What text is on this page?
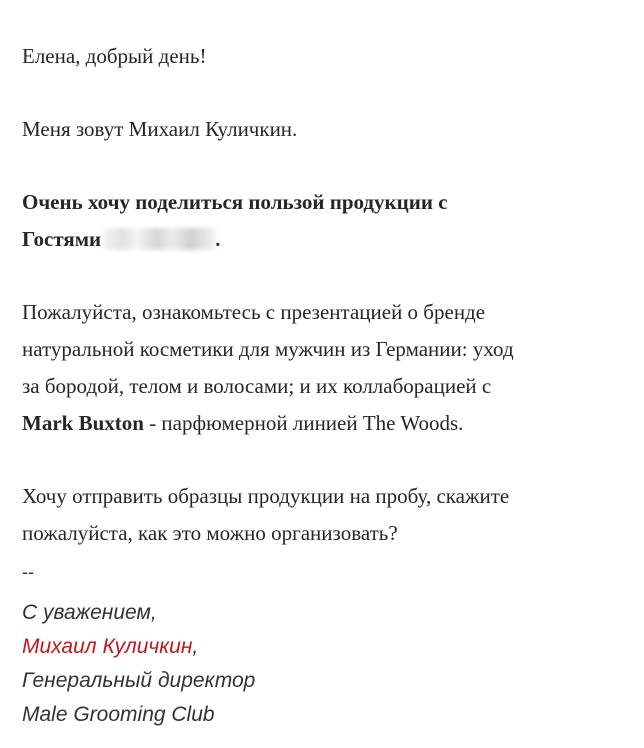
Елена, добрый день!

Меня зовут Михаил Куличкин.

Очень хочу поделиться пользой продукции с
Гостями	.

Пожалуйста, ознакомьтесь с презентацией о бренде
натуральной косметики для мужчин из Германии: уход
за бородой, телом и волосами; и их коллаборацией с
Mark Buxton - парфюмерной линией The Woods.

Хочу отправить образцы продукции на пробу, скажите
пожалуйста, как это можно организовать?

--
С уважением,
Михаил Куличкин,
Генеральный директор
Male Grooming Club
